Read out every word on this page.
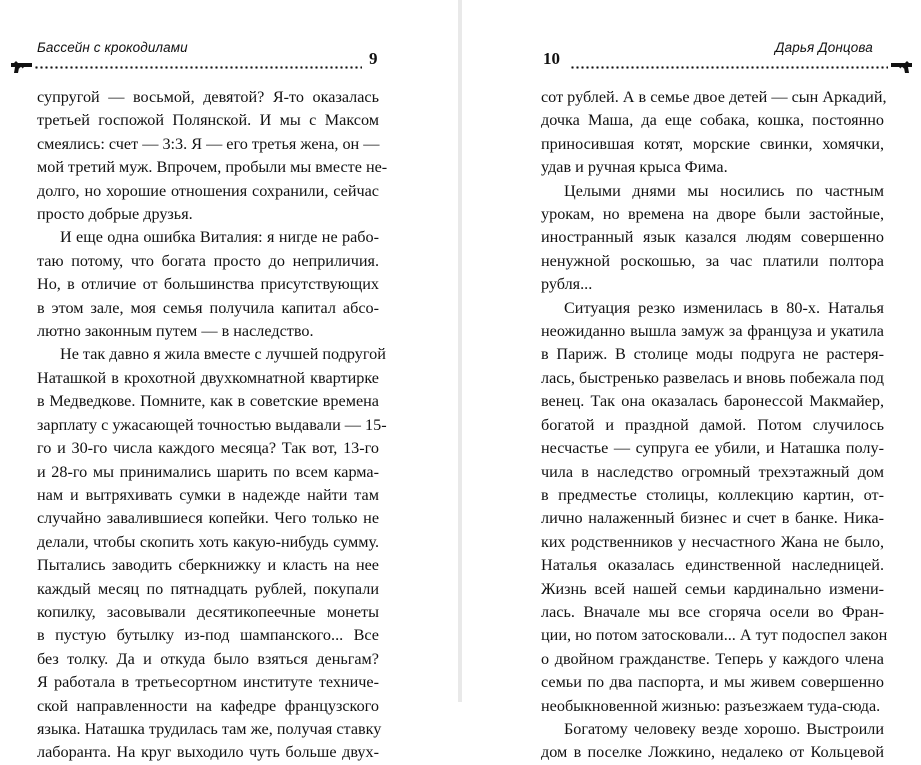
Бассейн с крокодилами
9
супругой — восьмой, девятой? Я-то оказалась
третьей госпожой Полянской. И мы с Максом
смеялись: счет — 3:3. Я — его третья жена, он —
мой третий муж. Впрочем, пробыли мы вместе не-
долго, но хорошие отношения сохранили, сейчас
просто добрые друзья.
И еще одна ошибка Виталия: я нигде не рабо-
таю потому, что богата просто до неприличия.
Но, в отличие от большинства присутствующих
в этом зале, моя семья получила капитал абсо-
лютно законным путем — в наследство.
Не так давно я жила вместе с лучшей подругой
Наташкой в крохотной двухкомнатной квартирке
в Медведкове. Помните, как в советские времена
зарплату с ужасающей точностью выдавали — 15-
го и 30-го числа каждого месяца? Так вот, 13-го
и 28-го мы принимались шарить по всем карма-
нам и вытряхивать сумки в надежде найти там
случайно завалившиеся копейки. Чего только не
делали, чтобы скопить хоть какую-нибудь сумму.
Пытались заводить сберкнижку и класть на нее
каждый месяц по пятнадцать рублей, покупали
копилку, засовывали десятикопеечные монеты
в пустую бутылку из-под шампанского... Все
без толку. Да и откуда было взяться деньгам?
Я работала в третьесортном институте техниче-
ской направленности на кафедре французского
языка. Наташка трудилась там же, получая ставку
лаборанта. На круг выходило чуть больше двух-
10
Дарья Донцова
сот рублей. А в семье двое детей — сын Аркадий,
дочка Маша, да еще собака, кошка, постоянно
приносившая котят, морские свинки, хомячки,
удав и ручная крыса Фима.
Целыми днями мы носились по частным
урокам, но времена на дворе были застойные,
иностранный язык казался людям совершенно
ненужной роскошью, за час платили полтора
рубля...
Ситуация резко изменилась в 80-х. Наталья
неожиданно вышла замуж за француза и укатила
в Париж. В столице моды подруга не растеря-
лась, быстренько развелась и вновь побежала под
венец. Так она оказалась баронессой Макмайер,
богатой и праздной дамой. Потом случилось
несчастье — супруга ее убили, и Наташка полу-
чила в наследство огромный трехэтажный дом
в предместье столицы, коллекцию картин, от-
лично налаженный бизнес и счет в банке. Ника-
ких родственников у несчастного Жана не было,
Наталья оказалась единственной наследницей.
Жизнь всей нашей семьи кардинально измени-
лась. Вначале мы все сгоряча осели во Фран-
ции, но потом затосковали... А тут подоспел закон
о двойном гражданстве. Теперь у каждого члена
семьи по два паспорта, и мы живем совершенно
необыкновенной жизнью: разъезжаем туда-сюда.
Богатому человеку везде хорошо. Выстроили
дом в поселке Ложкино, недалеко от Кольцевой
